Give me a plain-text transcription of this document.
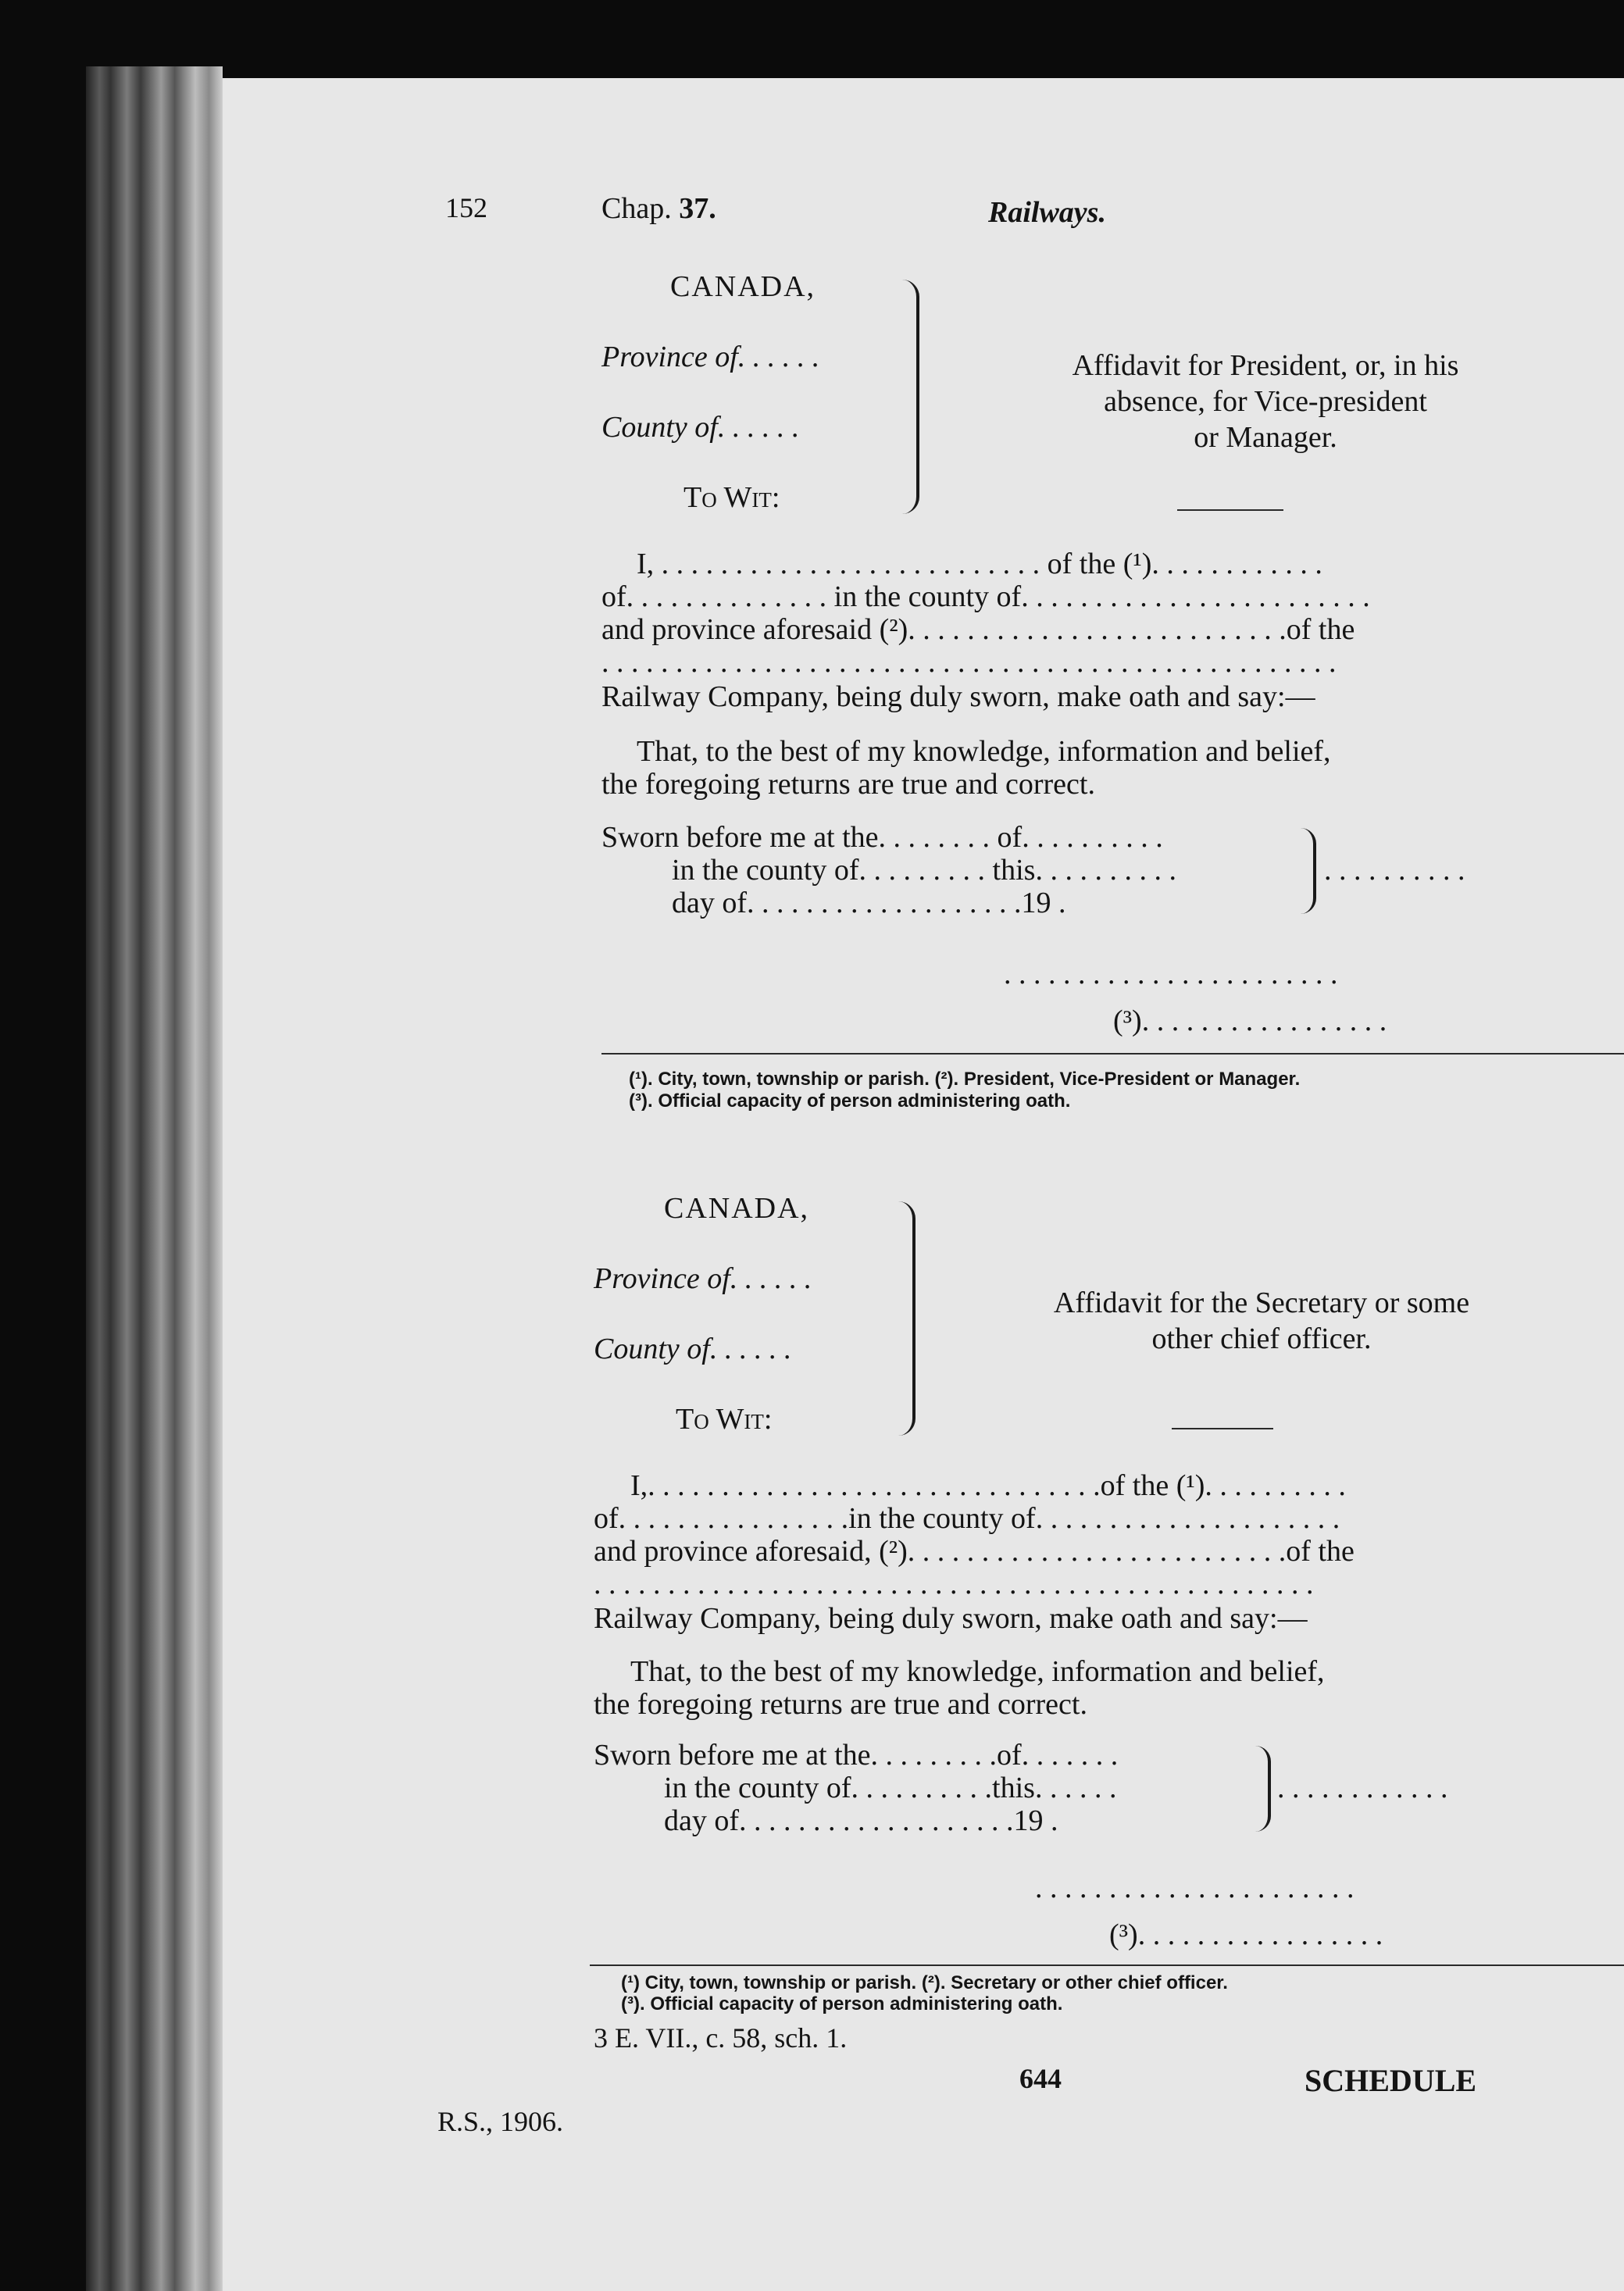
152	Chap. 37.	Railways.
CANADA,
Province of. . . . . .
County of. . . . . .
To Wit:
Affidavit for President, or, in his
absence, for Vice-president
or Manager.
I, . . . . . . . . . . . . . . . . . . . . . . . . . . of the (¹). . . . . . . . . . . .
of. . . . . . . . . . . . . . in the county of. . . . . . . . . . . . . . . . . . . . . . . .
and province aforesaid (²). . . . . . . . . . . . . . . . . . . . . . . . . .of the
. . . . . . . . . . . . . . . . . . . . . . . . . . . . . . . . . . . . . . . . . . . . . . . . . .
Railway Company, being duly sworn, make oath and say:—
That, to the best of my knowledge, information and belief,
the foregoing returns are true and correct.
Sworn before me at the. . . . . . . . of. . . . . . . . . .
in the county of. . . . . . . . . this. . . . . . . . . .
day of. . . . . . . . . . . . . . . . . . .19 .
. . . . . . . . . .
. . . . . . . . . . . . . . . . . . . . . . .
(³). . . . . . . . . . . . . . . . .
(¹). City, town, township or parish. (²). President, Vice-President or Manager.
(³). Official capacity of person administering oath.
CANADA,
Province of. . . . . .
County of. . . . . .
To Wit:
Affidavit for the Secretary or some
other chief officer.
I,. . . . . . . . . . . . . . . . . . . . . . . . . . . . . . .of the (¹). . . . . . . . . .
of. . . . . . . . . . . . . . . .in the county of. . . . . . . . . . . . . . . . . . . . .
and province aforesaid, (²). . . . . . . . . . . . . . . . . . . . . . . . . .of the
. . . . . . . . . . . . . . . . . . . . . . . . . . . . . . . . . . . . . . . . . . . . . . . . .
Railway Company, being duly sworn, make oath and say:—
That, to the best of my knowledge, information and belief,
the foregoing returns are true and correct.
Sworn before me at the. . . . . . . . .of. . . . . . .
in the county of. . . . . . . . . .this. . . . . .
day of. . . . . . . . . . . . . . . . . . .19 .
. . . . . . . . . . . .
. . . . . . . . . . . . . . . . . . . . . .
(³). . . . . . . . . . . . . . . . .
(¹) City, town, township or parish. (²). Secretary or other chief officer.
(³). Official capacity of person administering oath.
3 E. VII., c. 58, sch. 1.
644	SCHEDULE
R.S., 1906.
